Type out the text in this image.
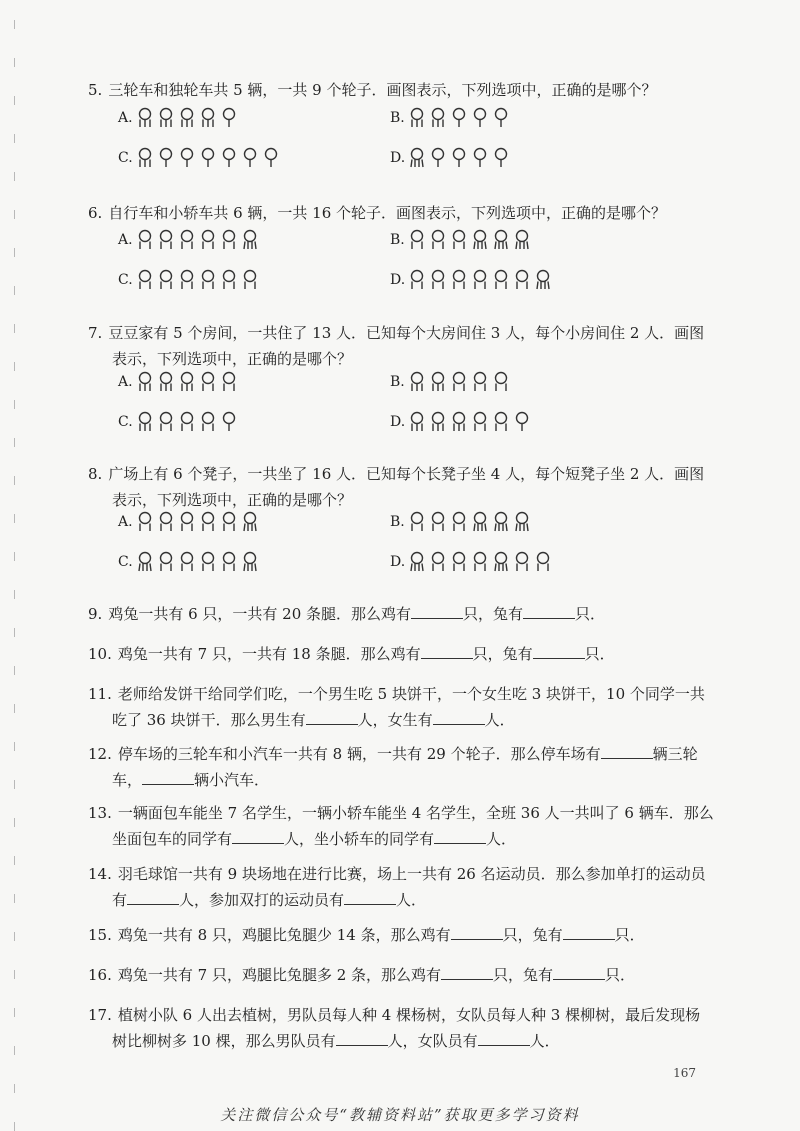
5. 三轮车和独轮车共 5 辆，一共 9 个轮子．画图表示，下列选项中，正确的是哪个？
A.	B.
C.	D.
6. 自行车和小轿车共 6 辆，一共 16 个轮子．画图表示，下列选项中，正确的是哪个？
A.	B.
C.	D.
7. 豆豆家有 5 个房间，一共住了 13 人．已知每个大房间住 3 人，每个小房间住 2 人．画图
表示，下列选项中，正确的是哪个？
A.	B.
C.	D.
8. 广场上有 6 个凳子，一共坐了 16 人．已知每个长凳子坐 4 人，每个短凳子坐 2 人．画图
表示，下列选项中，正确的是哪个？
A.	B.
C.	D.
9. 鸡兔一共有 6 只，一共有 20 条腿．那么鸡有	只，兔有	只．
10. 鸡兔一共有 7 只，一共有 18 条腿．那么鸡有	只，兔有	只．
11. 老师给发饼干给同学们吃，一个男生吃 5 块饼干，一个女生吃 3 块饼干，10 个同学一共
吃了 36 块饼干．那么男生有	人，女生有	人．
12. 停车场的三轮车和小汽车一共有 8 辆，一共有 29 个轮子．那么停车场有	辆三轮
车，	辆小汽车．
13. 一辆面包车能坐 7 名学生，一辆小轿车能坐 4 名学生，全班 36 人一共叫了 6 辆车．那么
坐面包车的同学有	人，坐小轿车的同学有	人．
14. 羽毛球馆一共有 9 块场地在进行比赛，场上一共有 26 名运动员．那么参加单打的运动员
有	人，参加双打的运动员有	人．
15. 鸡兔一共有 8 只，鸡腿比兔腿少 14 条，那么鸡有	只，兔有	只．
16. 鸡兔一共有 7 只，鸡腿比兔腿多 2 条，那么鸡有	只，兔有	只．
17. 植树小队 6 人出去植树，男队员每人种 4 棵杨树，女队员每人种 3 棵柳树，最后发现杨
树比柳树多 10 棵，那么男队员有	人，女队员有	人．
167
关注微信公众号“教辅资料站”获取更多学习资料
